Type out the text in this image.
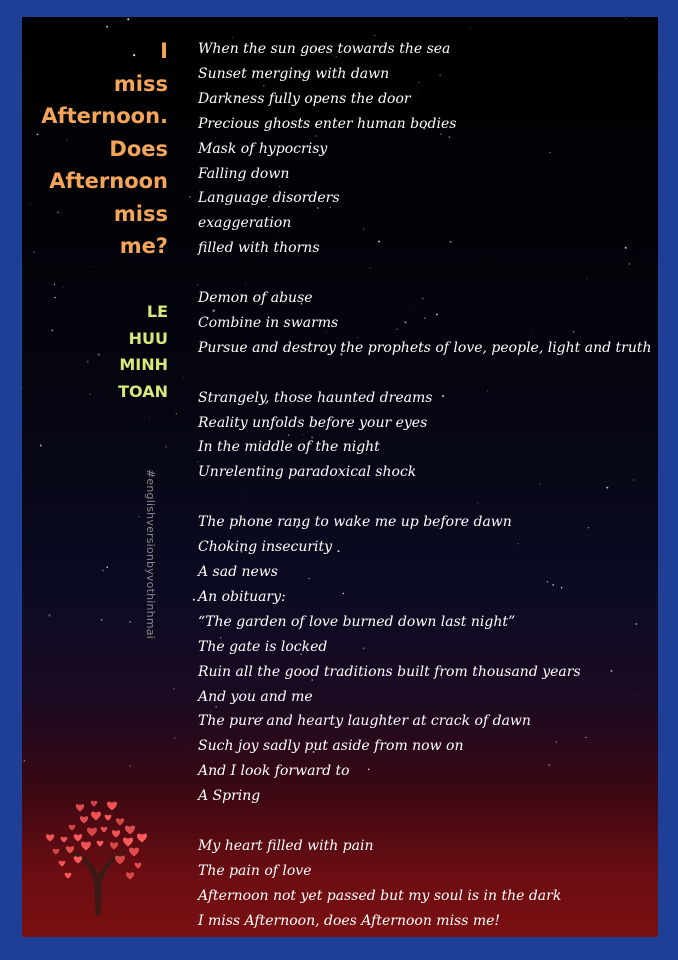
I
miss
Afternoon.
Does
Afternoon
miss
me?
LE
HUU
MINH
TOAN
#englishversionbyvothinhmai
When the sun goes towards the sea
Sunset merging with dawn
Darkness fully opens the door
Precious ghosts enter human bodies
Mask of hypocrisy
Falling down
Language disorders
exaggeration
filled with thorns
Demon of abuse
Combine in swarms
Pursue and destroy the prophets of love, people, light and truth
Strangely, those haunted dreams
Reality unfolds before your eyes
In the middle of the night
Unrelenting paradoxical shock
The phone rang to wake me up before dawn
Choking insecurity
A sad news
An obituary:
“The garden of love burned down last night”
The gate is locked
Ruin all the good traditions built from thousand years
And you and me
The pure and hearty laughter at crack of dawn
Such joy sadly put aside from now on
And I look forward to
A Spring
My heart filled with pain
The pain of love
Afternoon not yet passed but my soul is in the dark
I miss Afternoon, does Afternoon miss me!
